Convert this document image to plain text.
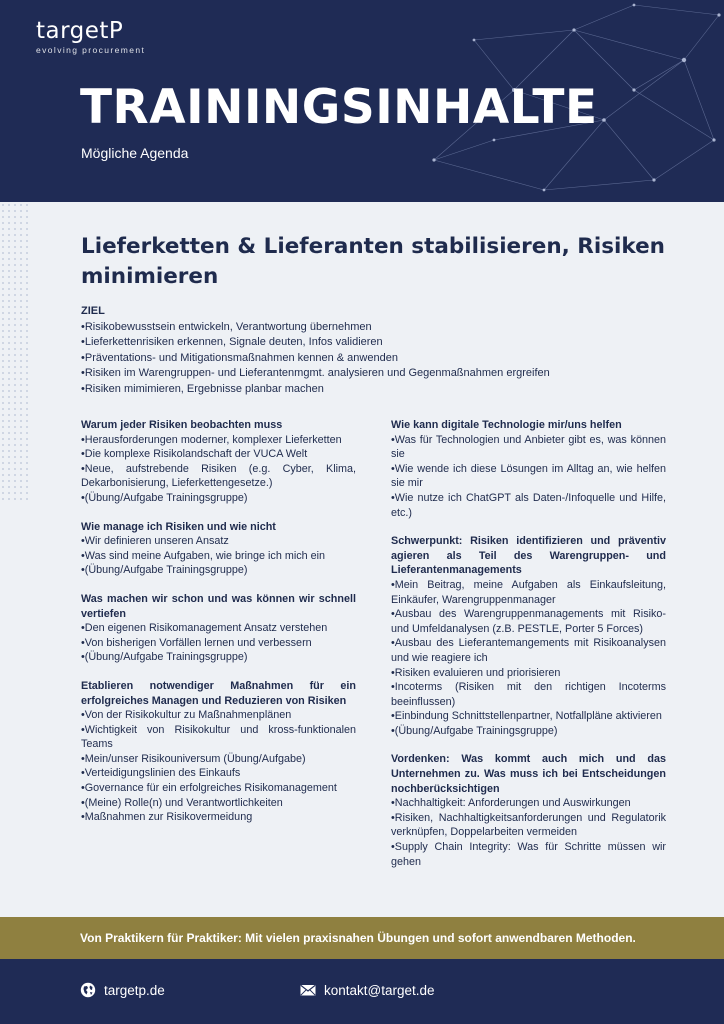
targetP
evolving procurement
TRAININGSINHALTE
Mögliche Agenda
Lieferketten & Lieferanten stabilisieren, Risiken
minimieren
ZIEL
•Risikobewusstsein entwickeln, Verantwortung übernehmen
•Lieferkettenrisiken erkennen, Signale deuten, Infos validieren
•Präventations- und Mitigationsmaßnahmen kennen & anwenden
•Risiken im Warengruppen- und Lieferantenmgmt. analysieren und Gegenmaßnahmen ergreifen
•Risiken mimimieren, Ergebnisse planbar machen
Warum jeder Risiken beobachten muss
•Herausforderungen moderner, komplexer Lieferketten
•Die komplexe Risikolandschaft der VUCA Welt
•Neue, aufstrebende Risiken (e.g. Cyber, Klima, Dekarbonisierung, Lieferkettengesetze.)
•(Übung/Aufgabe Trainingsgruppe)
Wie manage ich Risiken und wie nicht
•Wir definieren unseren Ansatz
•Was sind meine Aufgaben, wie bringe ich mich ein
•(Übung/Aufgabe Trainingsgruppe)
Was machen wir schon und was können wir schnell vertiefen
•Den eigenen Risikomanagement Ansatz verstehen
•Von bisherigen Vorfällen lernen und verbessern
•(Übung/Aufgabe Trainingsgruppe)
Etablieren notwendiger Maßnahmen für ein erfolgreiches Managen und Reduzieren von Risiken
•Von der Risikokultur zu Maßnahmenplänen
•Wichtigkeit von Risikokultur und kross-funktionalen Teams
•Mein/unser Risikouniversum (Übung/Aufgabe)
•Verteidigungslinien des Einkaufs
•Governance für ein erfolgreiches Risikomanagement
•(Meine) Rolle(n) und Verantwortlichkeiten
•Maßnahmen zur Risikovermeidung
Wie kann digitale Technologie mir/uns helfen
•Was für Technologien und Anbieter gibt es, was können sie
•Wie wende ich diese Lösungen im Alltag an, wie helfen sie mir
•Wie nutze ich ChatGPT als Daten-/Infoquelle und Hilfe, etc.)
Schwerpunkt: Risiken identifizieren und präventiv agieren als Teil des Warengruppen- und Lieferantenmanagements
•Mein Beitrag, meine Aufgaben als Einkaufsleitung, Einkäufer, Warengruppenmanager
•Ausbau des Warengruppenmanagements mit Risiko- und Umfeldanalysen (z.B. PESTLE, Porter 5 Forces)
•Ausbau des Lieferantemangements mit Risikoanalysen und wie reagiere ich
•Risiken evaluieren und priorisieren
•Incoterms (Risiken mit den richtigen Incoterms beeinflussen)
•Einbindung Schnittstellenpartner, Notfallpläne aktivieren
•(Übung/Aufgabe Trainingsgruppe)
Vordenken: Was kommt auch mich und das Unternehmen zu. Was muss ich bei Entscheidungen nochberücksichtigen
•Nachhaltigkeit: Anforderungen und Auswirkungen
•Risiken, Nachhaltigkeitsanforderungen und Regulatorik verknüpfen, Doppelarbeiten vermeiden
•Supply Chain Integrity: Was für Schritte müssen wir gehen
Von Praktikern für Praktiker: Mit vielen praxisnahen Übungen und sofort anwendbaren Methoden.
targetp.de	kontakt@target.de
